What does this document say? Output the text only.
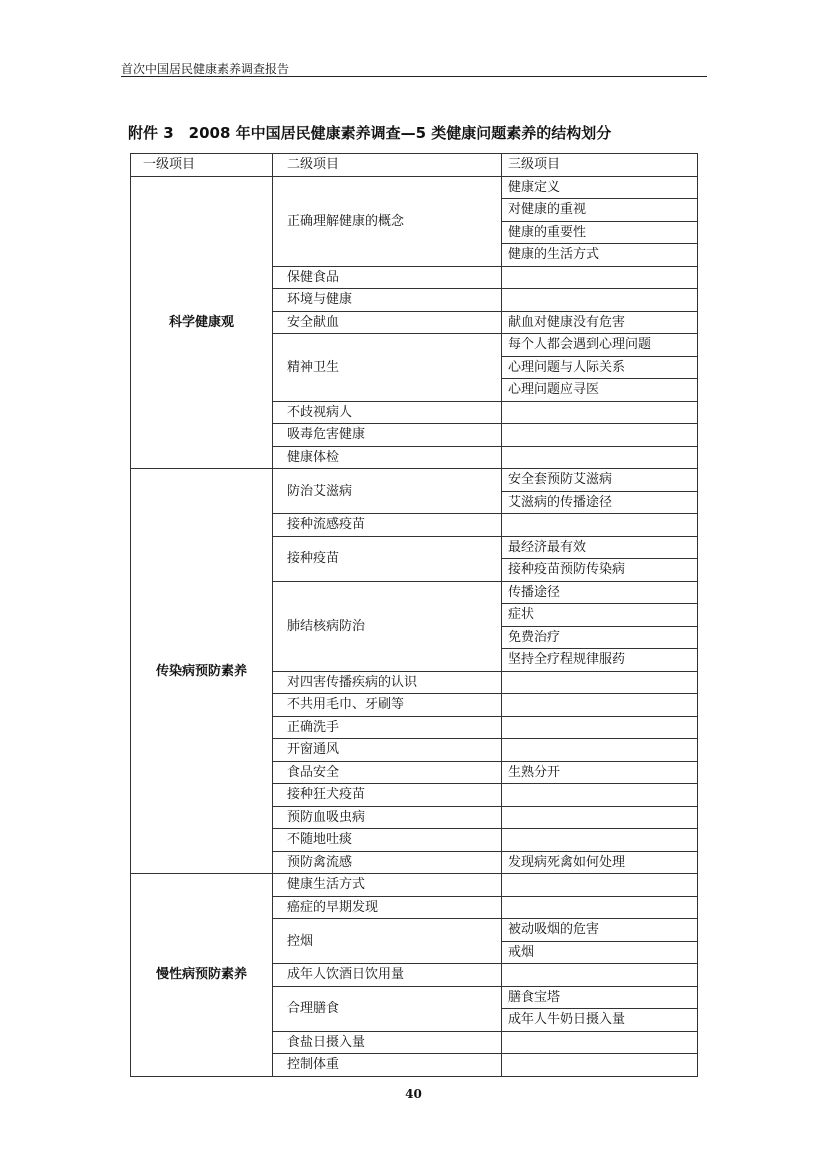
首次中国居民健康素养调查报告
附件 3　2008 年中国居民健康素养调查—5 类健康问题素养的结构划分
一级项目	二级项目	三级项目
科学健康观	正确理解健康的概念	健康定义
		对健康的重视
		健康的重要性
		健康的生活方式
	保健食品	
	环境与健康	
	安全献血	献血对健康没有危害
	精神卫生	每个人都会遇到心理问题
		心理问题与人际关系
		心理问题应寻医
	不歧视病人	
	吸毒危害健康	
	健康体检	
传染病预防素养	防治艾滋病	安全套预防艾滋病
		艾滋病的传播途径
	接种流感疫苗	
	接种疫苗	最经济最有效
		接种疫苗预防传染病
	肺结核病防治	传播途径
		症状
		免费治疗
		坚持全疗程规律服药
	对四害传播疾病的认识	
	不共用毛巾、牙刷等	
	正确洗手	
	开窗通风	
	食品安全	生熟分开
	接种狂犬疫苗	
	预防血吸虫病	
	不随地吐痰	
	预防禽流感	发现病死禽如何处理
慢性病预防素养	健康生活方式	
	癌症的早期发现	
	控烟	被动吸烟的危害
		戒烟
	成年人饮酒日饮用量	
	合理膳食	膳食宝塔
		成年人牛奶日摄入量
	食盐日摄入量	
	控制体重	
40
